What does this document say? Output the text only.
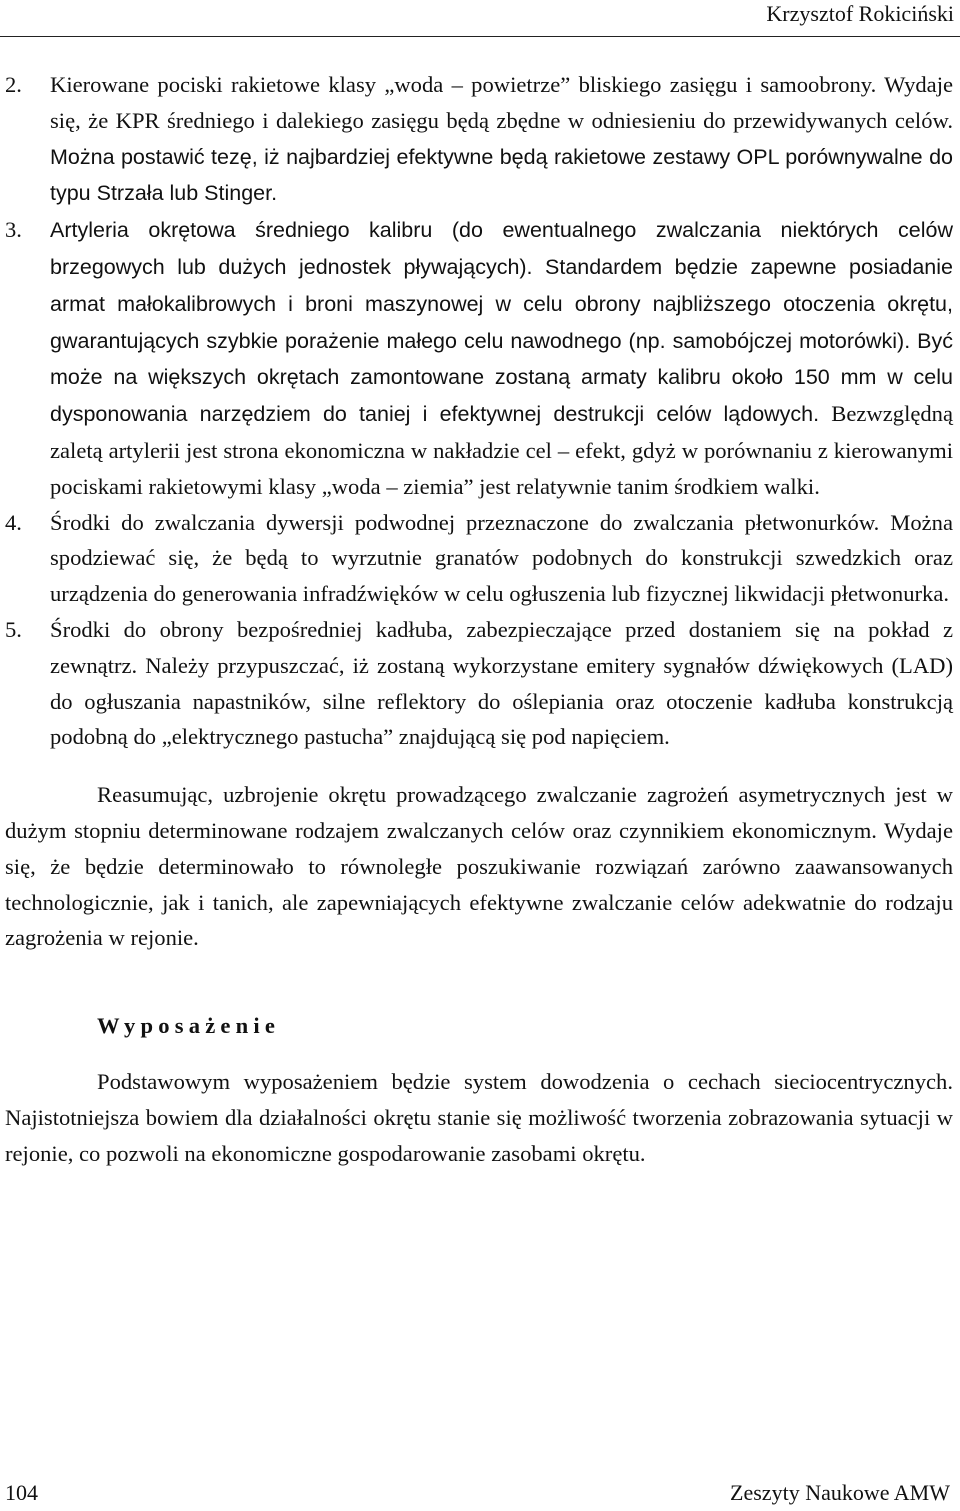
Krzysztof Rokiciński
2. Kierowane pociski rakietowe klasy „woda – powietrze” bliskiego zasięgu i samoobrony. Wydaje się, że KPR średniego i dalekiego zasięgu będą zbędne w odniesieniu do przewidywanych celów. Można postawić tezę, iż najbardziej efektywne będą rakietowe zestawy OPL porównywalne do typu Strzała lub Stinger.
3. Artyleria okrętowa średniego kalibru (do ewentualnego zwalczania niektórych celów brzegowych lub dużych jednostek pływających). Standardem będzie zapewne posiadanie armat małokalibrowych i broni maszynowej w celu obrony najbliższego otoczenia okrętu, gwarantujących szybkie porażenie małego celu nawodnego (np. samobójczej motorówki). Być może na większych okrętach zamontowane zostaną armaty kalibru około 150 mm w celu dysponowania narzędziem do taniej i efektywnej destrukcji celów lądowych. Bezwzględną zaletą artylerii jest strona ekonomiczna w nakładzie cel – efekt, gdyż w porównaniu z kierowanymi pociskami rakietowymi klasy „woda – ziemia” jest relatywnie tanim środkiem walki.
4. Środki do zwalczania dywersji podwodnej przeznaczone do zwalczania płetwonurków. Można spodziewać się, że będą to wyrzutnie granatów podobnych do konstrukcji szwedzkich oraz urządzenia do generowania infradźwięków w celu ogłuszenia lub fizycznej likwidacji płetwonurka.
5. Środki do obrony bezpośredniej kadłuba, zabezpieczające przed dostaniem się na pokład z zewnątrz. Należy przypuszczać, iż zostaną wykorzystane emitery sygnałów dźwiękowych (LAD) do ogłuszania napastników, silne reflektory do oślepiania oraz otoczenie kadłuba konstrukcją podobną do „elektrycznego pastucha” znajdującą się pod napięciem.

Reasumując, uzbrojenie okrętu prowadzącego zwalczanie zagrożeń asymetrycznych jest w dużym stopniu determinowane rodzajem zwalczanych celów oraz czynnikiem ekonomicznym. Wydaje się, że będzie determinowało to równoległe poszukiwanie rozwiązań zarówno zaawansowanych technologicznie, jak i tanich, ale zapewniających efektywne zwalczanie celów adekwatnie do rodzaju zagrożenia w rejonie.

Wyposażenie

Podstawowym wyposażeniem będzie system dowodzenia o cechach sieciocentrycznych. Najistotniejsza bowiem dla działalności okrętu stanie się możliwość tworzenia zobrazowania sytuacji w rejonie, co pozwoli na ekonomiczne gospodarowanie zasobami okrętu.

104	Zeszyty Naukowe AMW
